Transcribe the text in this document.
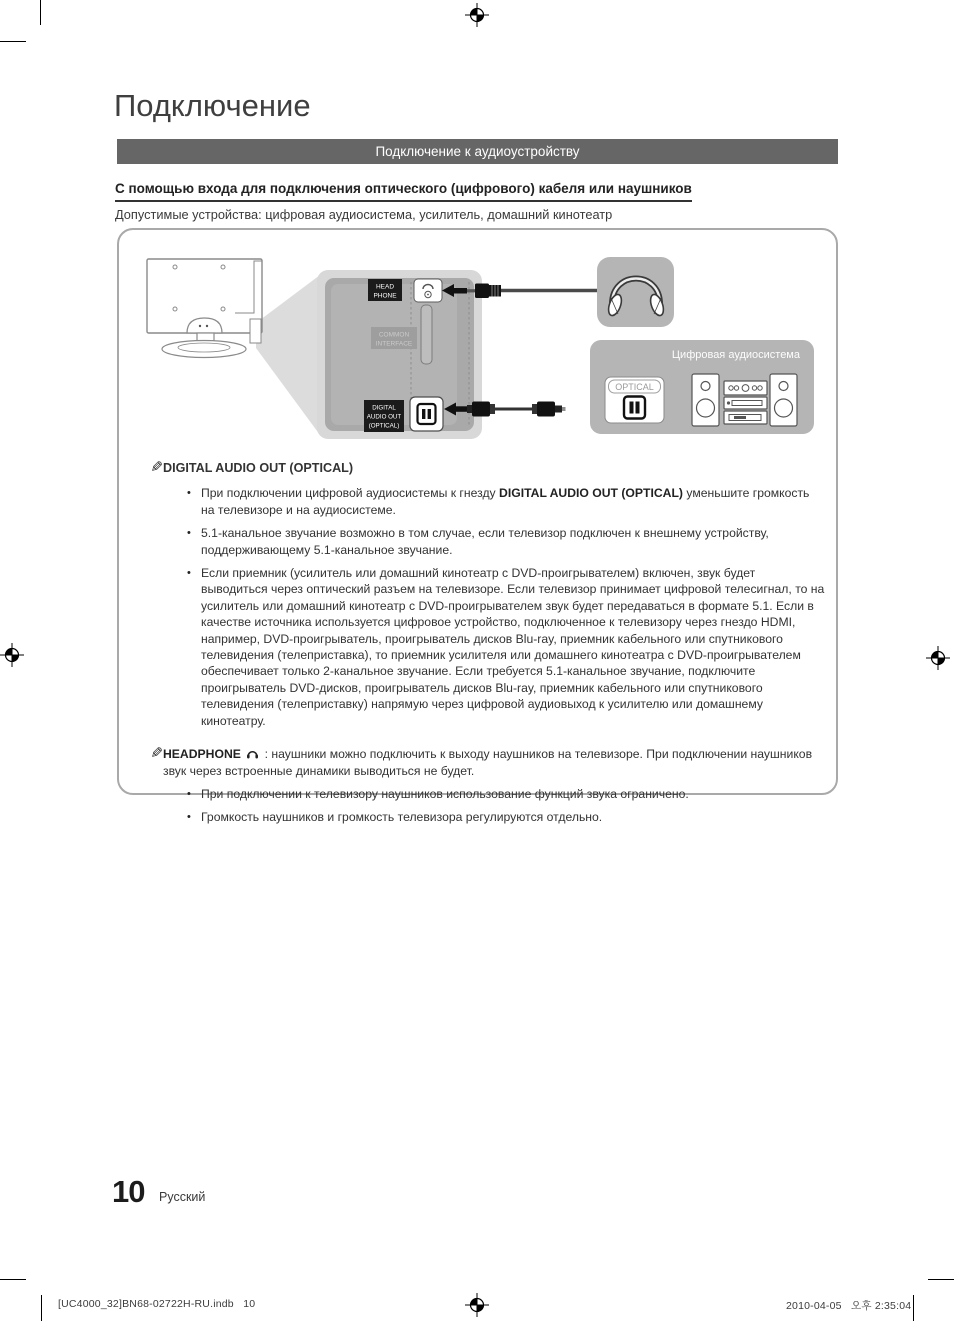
Подключение
Подключение к аудиоустройству
С помощью входа для подключения оптического (цифрового) кабеля или наушников
Допустимые устройства: цифровая аудиосистема, усилитель, домашний кинотеатр
HEAD
PHONE
COMMON
INTERFACE
DIGITAL
AUDIO OUT
(OPTICAL)
Цифровая аудиосистема
OPTICAL
✎ DIGITAL AUDIO OUT (OPTICAL)
• При подключении цифровой аудиосистемы к гнезду DIGITAL AUDIO OUT (OPTICAL) уменьшите громкость на телевизоре и на аудиосистеме.
• 5.1-канальное звучание возможно в том случае, если телевизор подключен к внешнему устройству, поддерживающему 5.1-канальное звучание.
• Если приемник (усилитель или домашний кинотеатр с DVD-проигрывателем) включен, звук будет выводиться через оптический разъем на телевизоре. Если телевизор принимает цифровой телесигнал, то на усилитель или домашний кинотеатр с DVD-проигрывателем звук будет передаваться в формате 5.1. Если в качестве источника используется цифровое устройство, подключенное к телевизору через гнездо HDMI, например, DVD-проигрыватель, проигрыватель дисков Blu-ray, приемник кабельного или спутникового телевидения (телеприставка), то приемник усилителя или домашнего кинотеатра с DVD-проигрывателем обеспечивает только 2-канальное звучание. Если требуется 5.1-канальное звучание, подключите проигрыватель DVD-дисков, проигрыватель дисков Blu-ray, приемник кабельного или спутникового телевидения (телеприставку) напрямую через цифровой аудиовыход к усилителю или домашнему кинотеатру.
✎ HEADPHONE : наушники можно подключить к выходу наушников на телевизоре. При подключении наушников звук через встроенные динамики выводиться не будет.
• При подключении к телевизору наушников использование функций звука ограничено.
• Громкость наушников и громкость телевизора регулируются отдельно.
10 Русский
[UC4000_32]BN68-02722H-RU.indb   10	2010-04-05   오후 2:35:04
